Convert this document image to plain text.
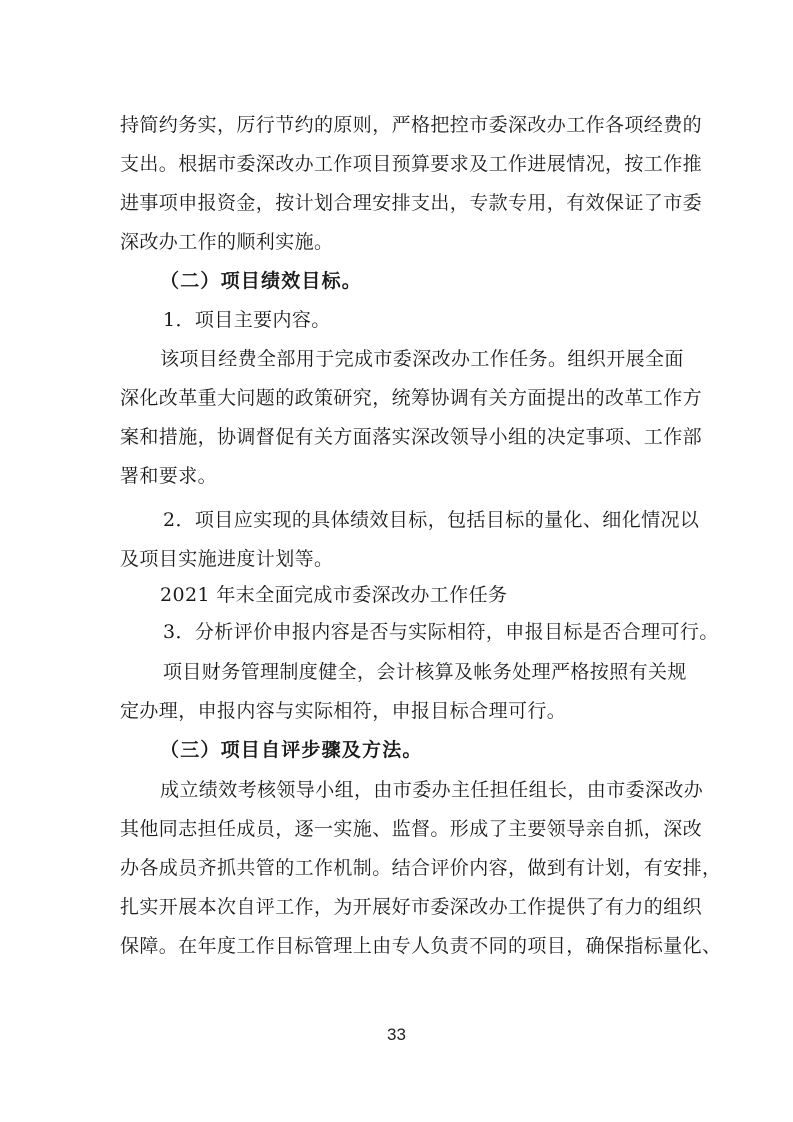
持简约务实，厉行节约的原则，严格把控市委深改办工作各项经费的
支出。根据市委深改办工作项目预算要求及工作进展情况，按工作推
进事项申报资金，按计划合理安排支出，专款专用，有效保证了市委
深改办工作的顺利实施。
（二）项目绩效目标。
1．项目主要内容。
该项目经费全部用于完成市委深改办工作任务。组织开展全面
深化改革重大问题的政策研究，统筹协调有关方面提出的改革工作方
案和措施，协调督促有关方面落实深改领导小组的决定事项、工作部
署和要求。
2．项目应实现的具体绩效目标，包括目标的量化、细化情况以
及项目实施进度计划等。
2021 年末全面完成市委深改办工作任务
3．分析评价申报内容是否与实际相符，申报目标是否合理可行。
项目财务管理制度健全，会计核算及帐务处理严格按照有关规
定办理，申报内容与实际相符，申报目标合理可行。
（三）项目自评步骤及方法。
成立绩效考核领导小组，由市委办主任担任组长，由市委深改办
其他同志担任成员，逐一实施、监督。形成了主要领导亲自抓，深改
办各成员齐抓共管的工作机制。结合评价内容，做到有计划，有安排，
扎实开展本次自评工作，为开展好市委深改办工作提供了有力的组织
保障。在年度工作目标管理上由专人负责不同的项目，确保指标量化、
33
